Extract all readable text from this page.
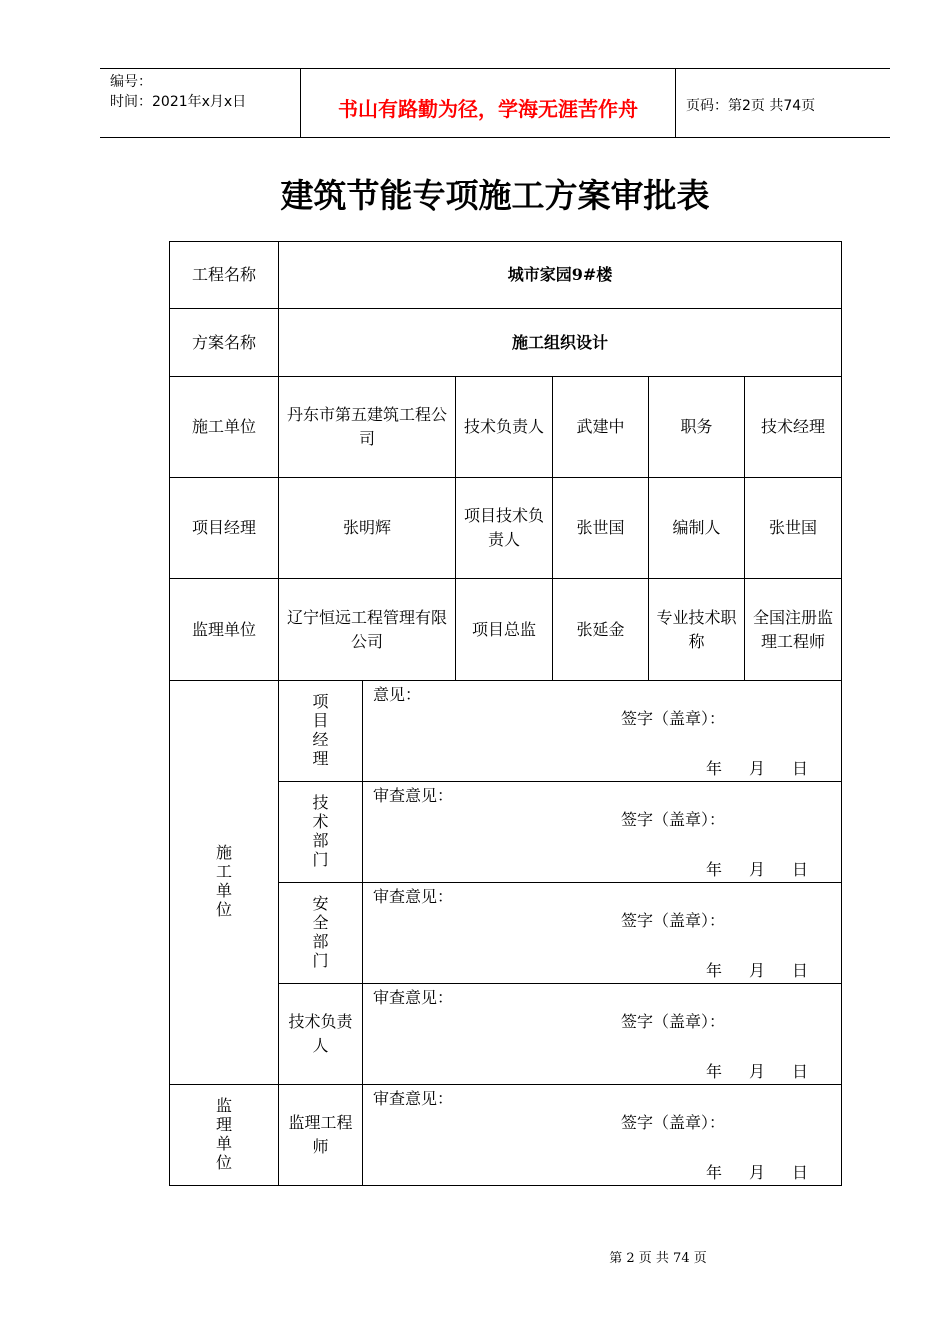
编号：
时间：2021年x月x日	书山有路勤为径，学海无涯苦作舟	页码：第2页 共74页
建筑节能专项施工方案审批表
工程名称	城市家园9#楼					
方案名称	施工组织设计					
施工单位	丹东市第五建筑工程公司		技术负责人	武建中	职务	技术经理
项目经理	张明辉		项目技术负责人	张世国	编制人	张世国
监理单位	辽宁恒远工程管理有限公司		项目总监	张延金	专业技术职称	全国注册监理工程师
施工单位	项目经理	意见：
签字（盖章）：
年 月 日				

	技术部门	审查意见：
签字（盖章）：
年 月 日				

	安全部门	审查意见：
签字（盖章）：
年 月 日				

	技术负责人	审查意见：
签字（盖章）：
年 月 日				

监理单位	监理工程师	审查意见：
签字（盖章）：
年 月 日				
第 2 页 共 74 页
